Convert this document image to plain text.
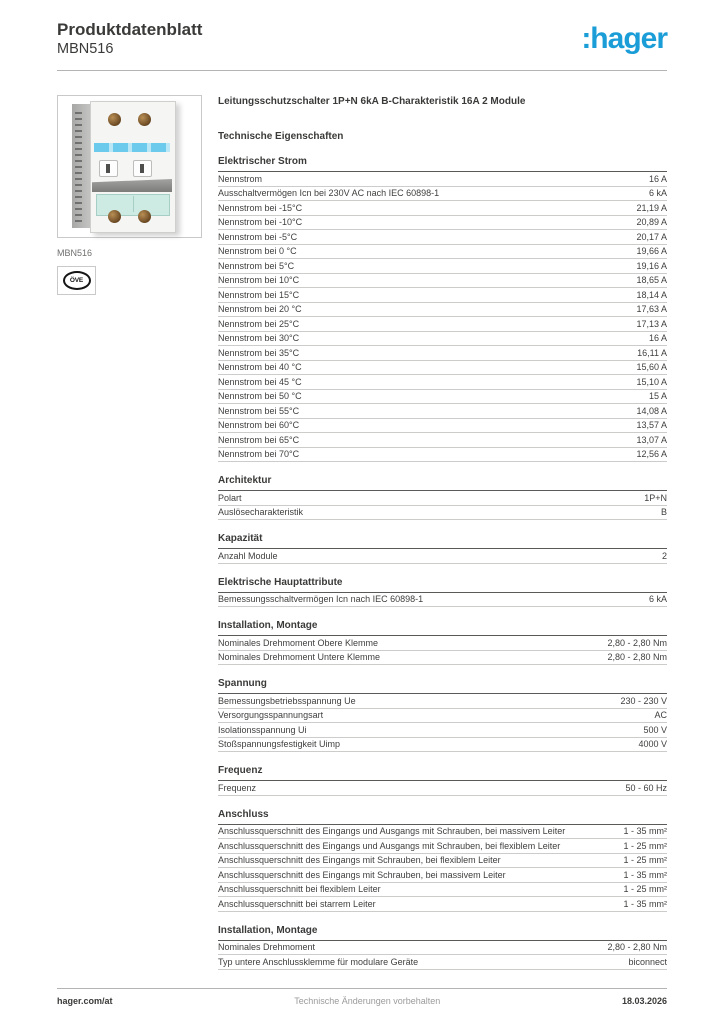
Produktdatenblatt
MBN516	:hager
MBN516
ÖVE
Leitungsschutzschalter 1P+N 6kA B-Charakteristik 16A 2 Module
Technische Eigenschaften
Elektrischer Strom
Nennstrom	16 A
Ausschaltvermögen Icn bei 230V AC nach IEC 60898-1	6 kA
Nennstrom bei -15°C	21,19 A
Nennstrom bei -10°C	20,89 A
Nennstrom bei -5°C	20,17 A
Nennstrom bei 0 °C	19,66 A
Nennstrom bei 5°C	19,16 A
Nennstrom bei 10°C	18,65 A
Nennstrom bei 15°C	18,14 A
Nennstrom bei 20 °C	17,63 A
Nennstrom bei 25°C	17,13 A
Nennstrom bei 30°C	16 A
Nennstrom bei 35°C	16,11 A
Nennstrom bei 40 °C	15,60 A
Nennstrom bei 45 °C	15,10 A
Nennstrom bei 50 °C	15 A
Nennstrom bei 55°C	14,08 A
Nennstrom bei 60°C	13,57 A
Nennstrom bei 65°C	13,07 A
Nennstrom bei 70°C	12,56 A
Architektur
Polart	1P+N
Auslösecharakteristik	B
Kapazität
Anzahl Module	2
Elektrische Hauptattribute
Bemessungsschaltvermögen Icn nach IEC 60898-1	6 kA
Installation, Montage
Nominales Drehmoment Obere Klemme	2,80 - 2,80 Nm
Nominales Drehmoment Untere Klemme	2,80 - 2,80 Nm
Spannung
Bemessungsbetriebsspannung Ue	230 - 230 V
Versorgungsspannungsart	AC
Isolationsspannung Ui	500 V
Stoßspannungsfestigkeit Uimp	4000 V
Frequenz
Frequenz	50 - 60 Hz
Anschluss
Anschlussquerschnitt des Eingangs und Ausgangs mit Schrauben, bei massivem Leiter	1 - 35 mm²
Anschlussquerschnitt des Eingangs und Ausgangs mit Schrauben, bei flexiblem Leiter	1 - 25 mm²
Anschlussquerschnitt des Eingangs mit Schrauben, bei flexiblem Leiter	1 - 25 mm²
Anschlussquerschnitt des Eingangs mit Schrauben, bei massivem Leiter	1 - 35 mm²
Anschlussquerschnitt bei flexiblem Leiter	1 - 25 mm²
Anschlussquerschnitt bei starrem Leiter	1 - 35 mm²
Installation, Montage
Nominales Drehmoment	2,80 - 2,80 Nm
Typ untere Anschlussklemme für modulare Geräte	biconnect
hager.com/at	Technische Änderungen vorbehalten	18.03.2026
